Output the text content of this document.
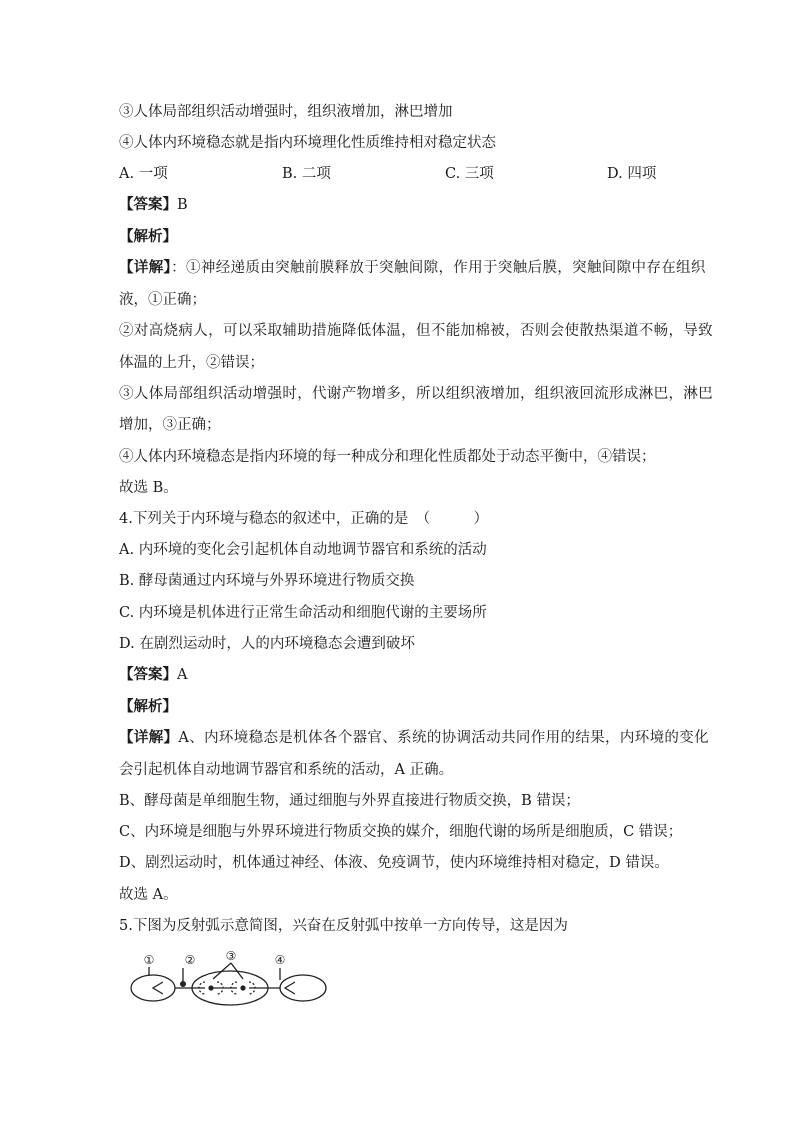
③人体局部组织活动增强时，组织液增加，淋巴增加
④人体内环境稳态就是指内环境理化性质维持相对稳定状态
A. 一项	B. 二项	C. 三项	D. 四项
【答案】B
【解析】
【详解】：①神经递质由突触前膜释放于突触间隙，作用于突触后膜，突触间隙中存在组织
液，①正确；
②对高烧病人，可以采取辅助措施降低体温，但不能加棉被，否则会使散热渠道不畅，导致
体温的上升，②错误；
③人体局部组织活动增强时，代谢产物增多，所以组织液增加，组织液回流形成淋巴，淋巴
增加，③正确；
④人体内环境稳态是指内环境的每一种成分和理化性质都处于动态平衡中，④错误；
故选 B。
4.下列关于内环境与稳态的叙述中，正确的是　（　　　）
A. 内环境的变化会引起机体自动地调节器官和系统的活动
B. 酵母菌通过内环境与外界环境进行物质交换
C. 内环境是机体进行正常生命活动和细胞代谢的主要场所
D. 在剧烈运动时，人的内环境稳态会遭到破坏
【答案】A
【解析】
【详解】A、内环境稳态是机体各个器官、系统的协调活动共同作用的结果，内环境的变化
会引起机体自动地调节器官和系统的活动，A 正确。
B、酵母菌是单细胞生物，通过细胞与外界直接进行物质交换，B 错误；
C、内环境是细胞与外界环境进行物质交换的媒介，细胞代谢的场所是细胞质，C 错误；
D、剧烈运动时，机体通过神经、体液、免疫调节，使内环境维持相对稳定，D 错误。
故选 A。
5.下图为反射弧示意简图，兴奋在反射弧中按单一方向传导，这是因为
①	②	③	④
